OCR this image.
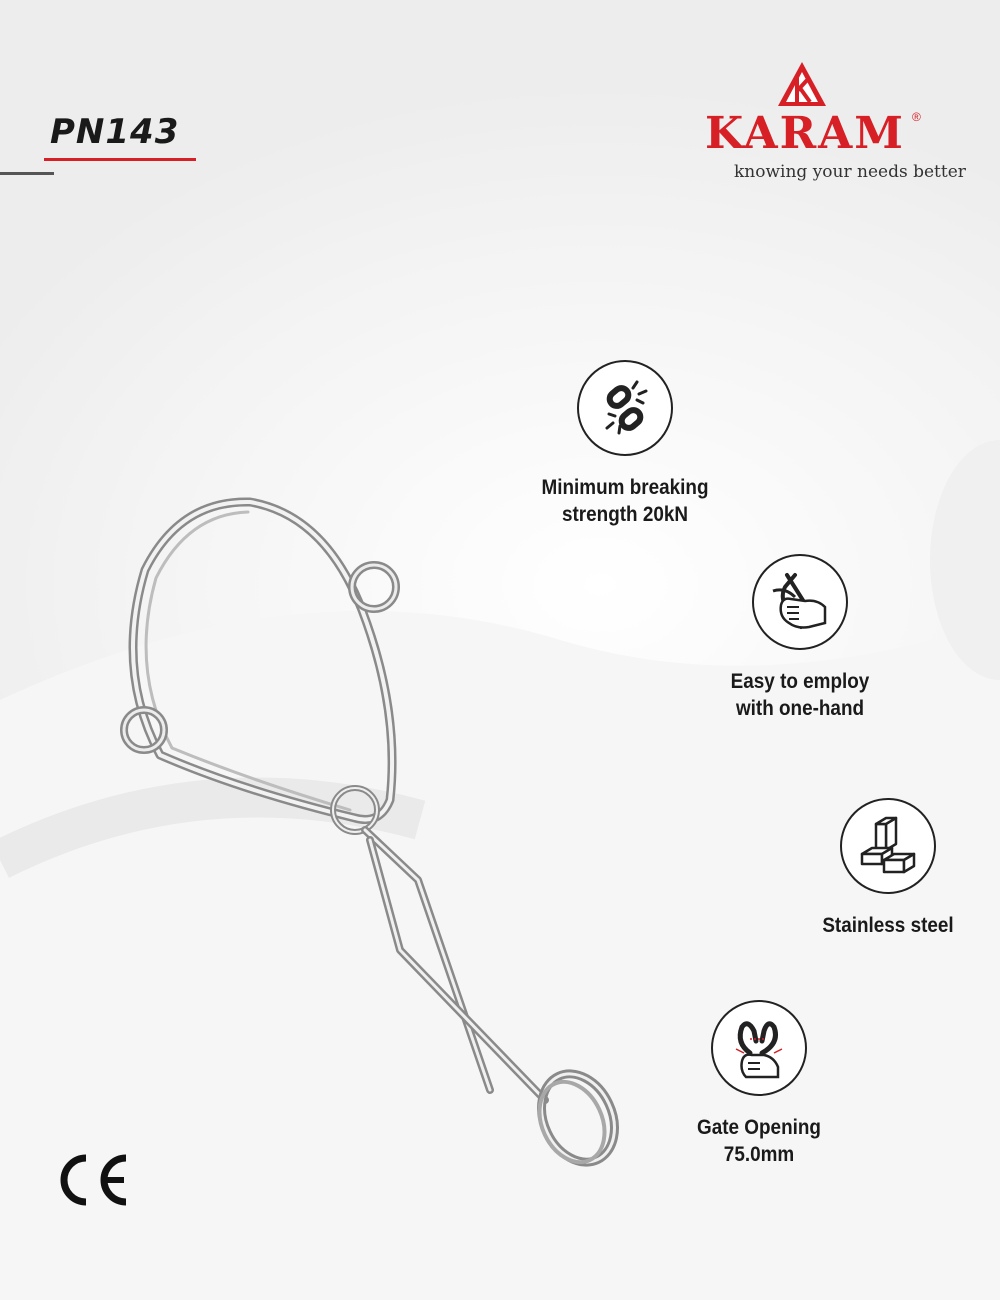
PN143	KARAM ®
knowing your needs better
Minimum breaking
strength 20kN
Easy to employ
with one-hand
Stainless steel
Gate Opening
75.0mm
